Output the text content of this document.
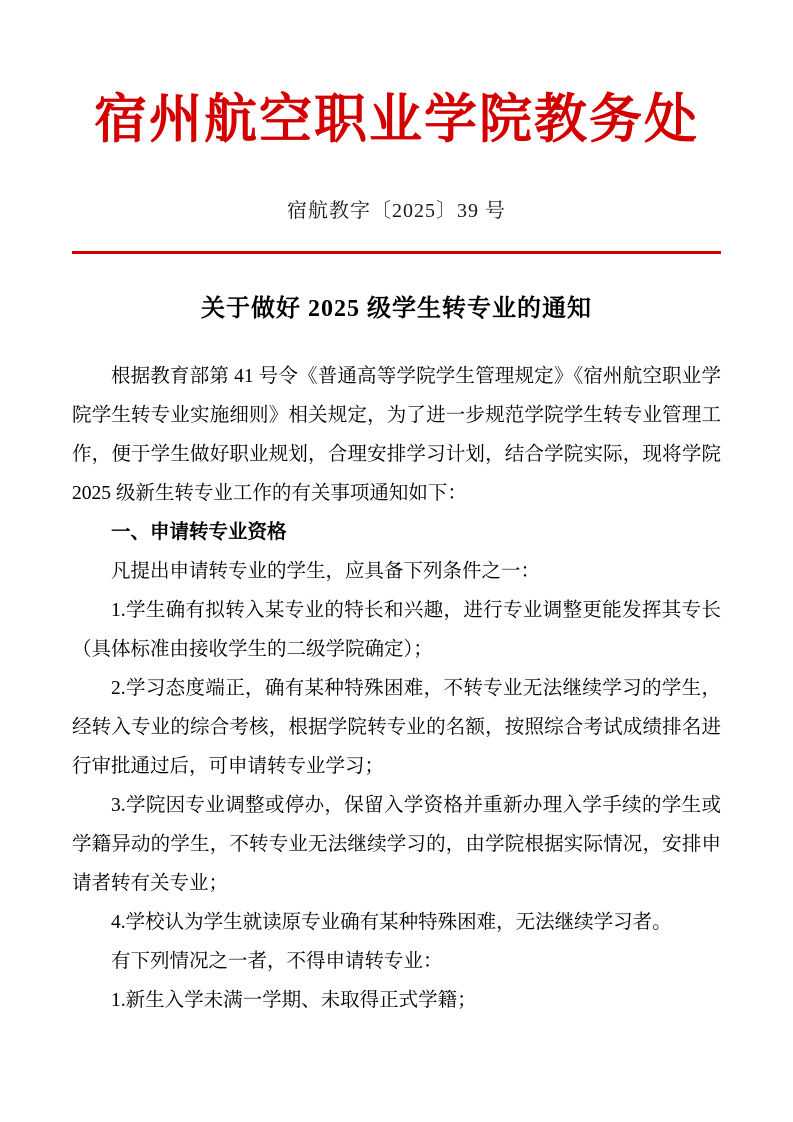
宿州航空职业学院教务处
宿航教字〔2025〕39 号
关于做好 2025 级学生转专业的通知
根据教育部第 41 号令《普通高等学院学生管理规定》《宿州航空职业学院学生转专业实施细则》相关规定，为了进一步规范学院学生转专业管理工作，便于学生做好职业规划，合理安排学习计划，结合学院实际，现将学院 2025 级新生转专业工作的有关事项通知如下：
一、申请转专业资格
凡提出申请转专业的学生，应具备下列条件之一：
1.学生确有拟转入某专业的特长和兴趣，进行专业调整更能发挥其专长（具体标准由接收学生的二级学院确定）；
2.学习态度端正，确有某种特殊困难，不转专业无法继续学习的学生，经转入专业的综合考核，根据学院转专业的名额，按照综合考试成绩排名进行审批通过后，可申请转专业学习；
3.学院因专业调整或停办，保留入学资格并重新办理入学手续的学生或学籍异动的学生，不转专业无法继续学习的，由学院根据实际情况，安排申请者转有关专业；
4.学校认为学生就读原专业确有某种特殊困难，无法继续学习者。
有下列情况之一者，不得申请转专业：
1.新生入学未满一学期、未取得正式学籍；
